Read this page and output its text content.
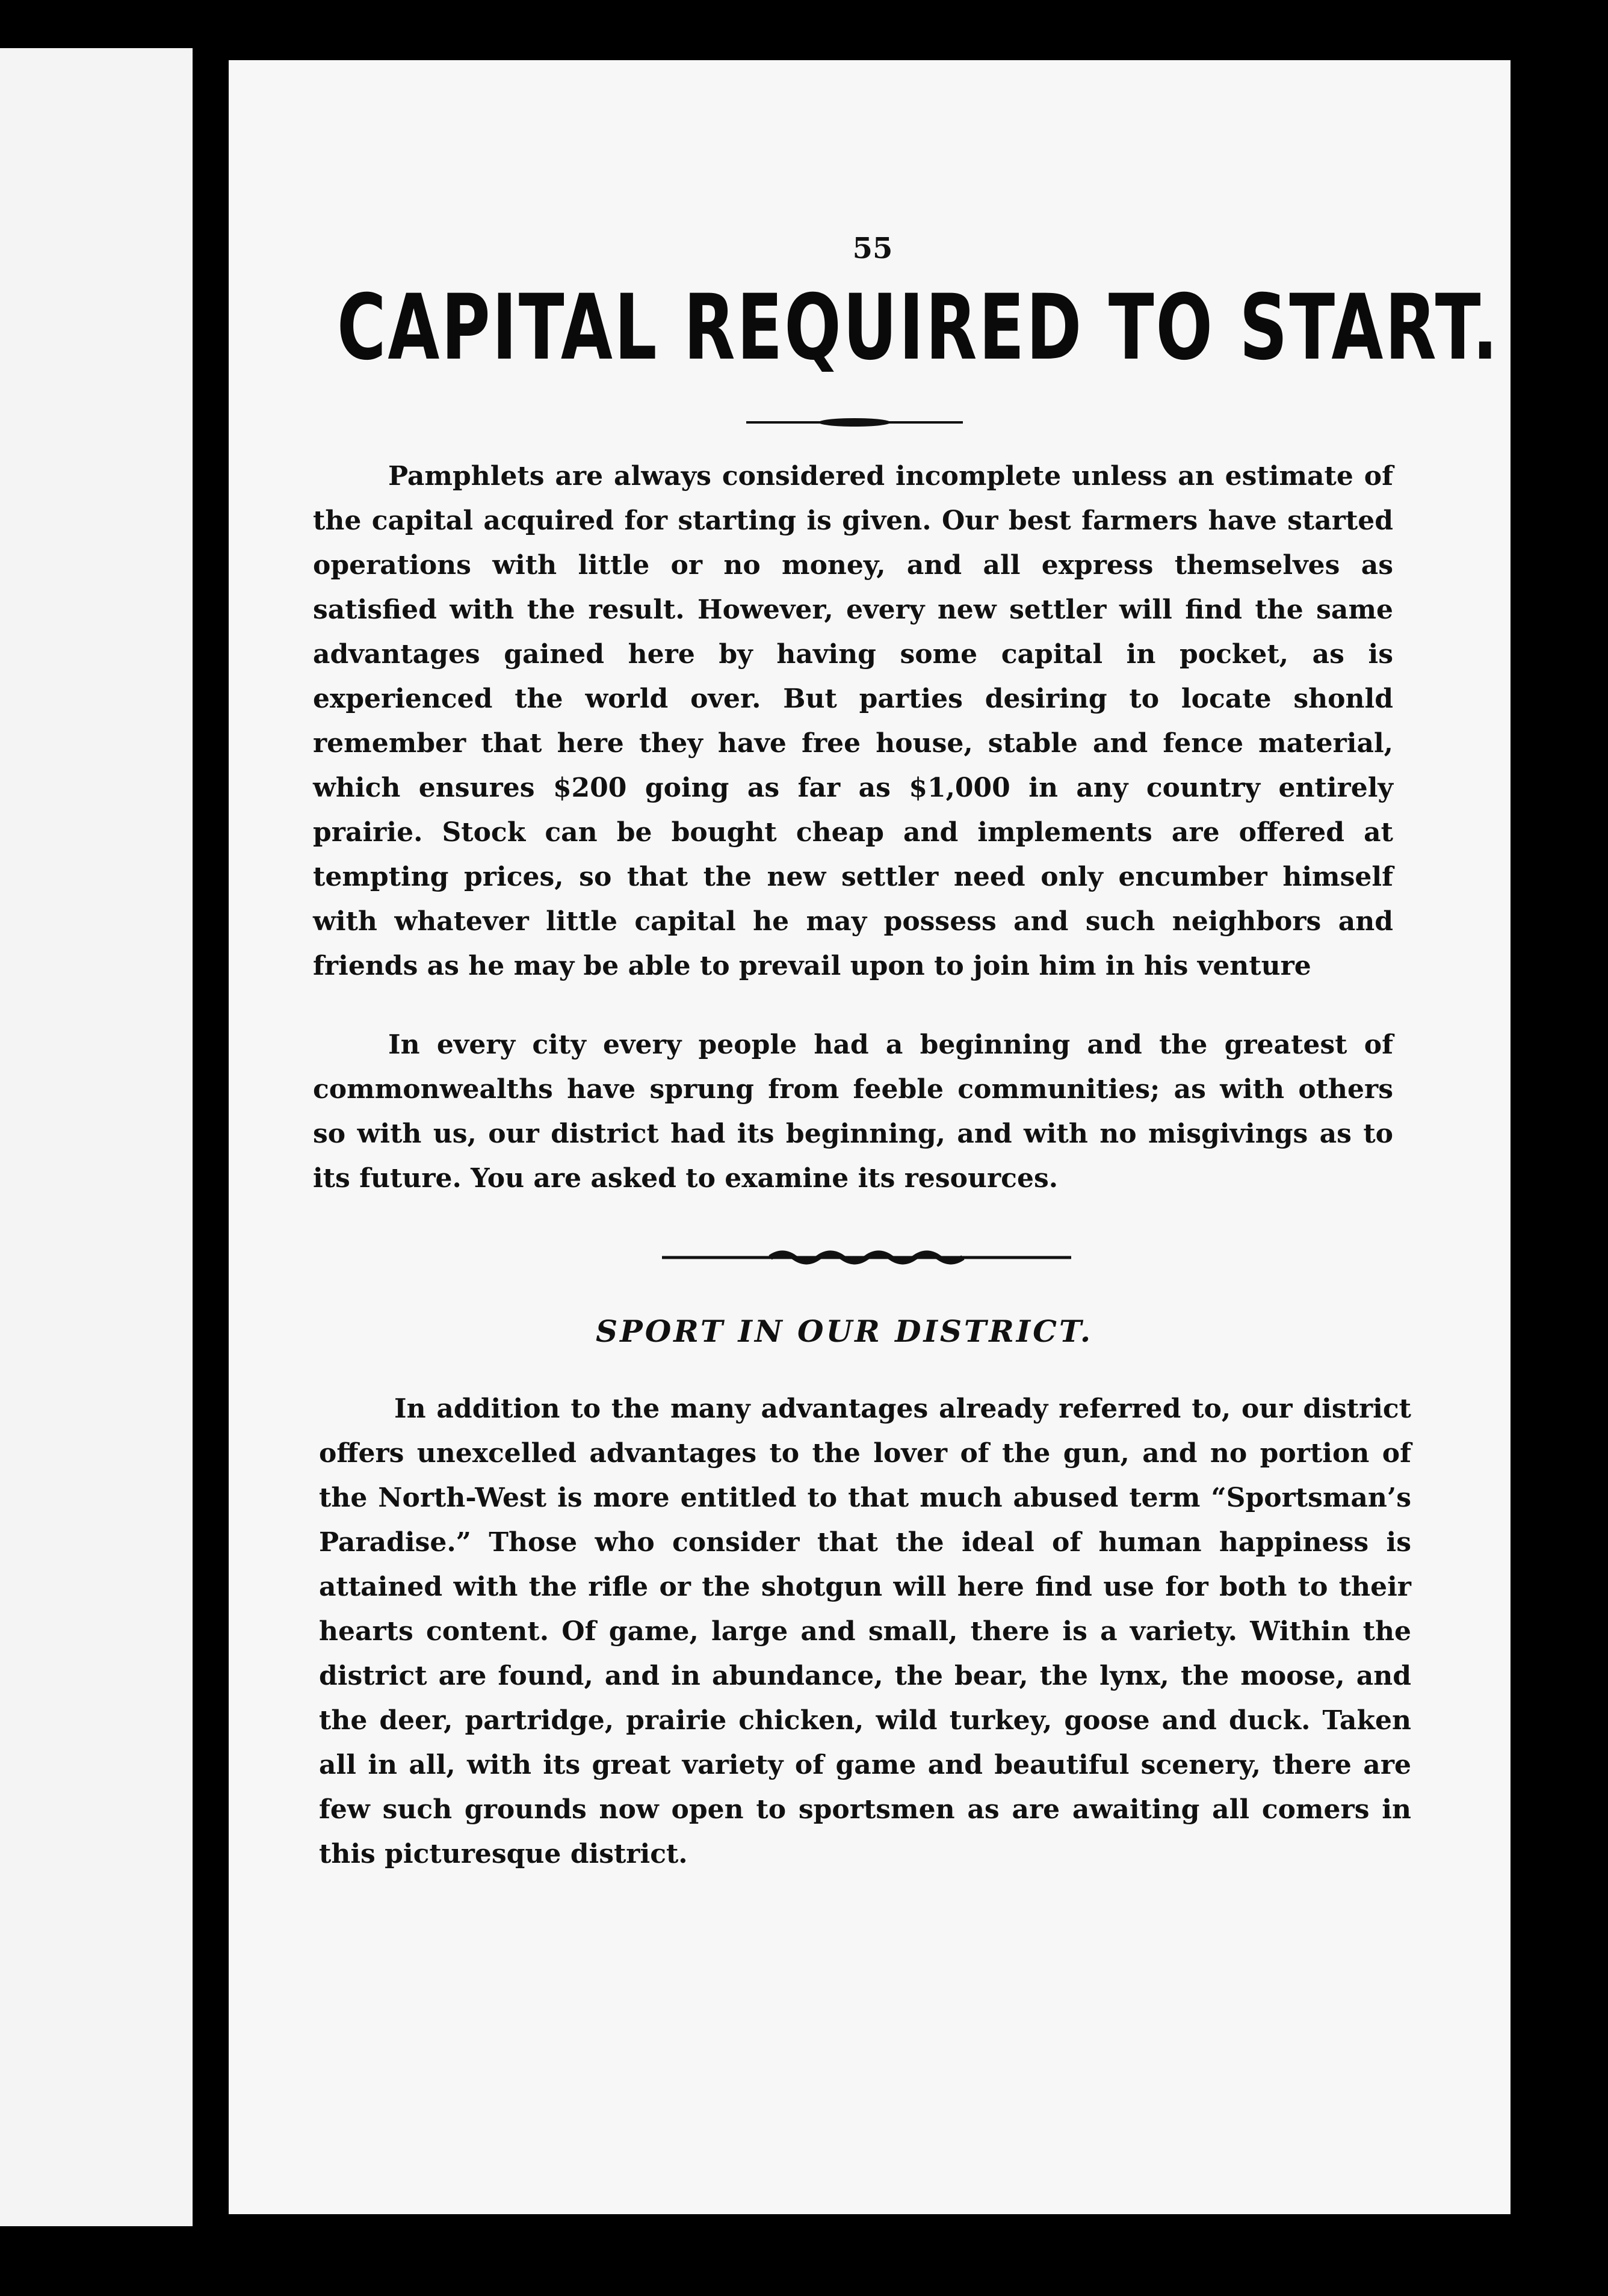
55
CAPITAL REQUIRED TO START.

Pamphlets are always considered incomplete unless an estimate of the capital acquired for starting is given. Our best farmers have started operations with little or no money, and all express themselves as satisfied with the result. However, every new settler will find the same advantages gained here by having some capital in pocket, as is experienced the world over. But parties desiring to locate shonld remember that here they have free house, stable and fence material, which ensures $200 going as far as $1,000 in any country entirely prairie. Stock can be bought cheap and implements are offered at tempting prices, so that the new settler need only encumber himself with whatever little capital he may possess and such neighbors and friends as he may be able to prevail upon to join him in his venture

In every city every people had a beginning and the greatest of commonwealths have sprung from feeble communities; as with others so with us, our district had its beginning, and with no misgivings as to its future. You are asked to examine its resources.

SPORT IN OUR DISTRICT.

In addition to the many advantages already referred to, our district offers unexcelled advantages to the lover of the gun, and no portion of the North-West is more entitled to that much abused term “Sportsman’s Paradise.” Those who consider that the ideal of human happiness is attained with the rifle or the shotgun will here find use for both to their hearts content. Of game, large and small, there is a variety. Within the district are found, and in abundance, the bear, the lynx, the moose, and the deer, partridge, prairie chicken, wild turkey, goose and duck. Taken all in all, with its great variety of game and beautiful scenery, there are few such grounds now open to sportsmen as are awaiting all comers in this picturesque district.
